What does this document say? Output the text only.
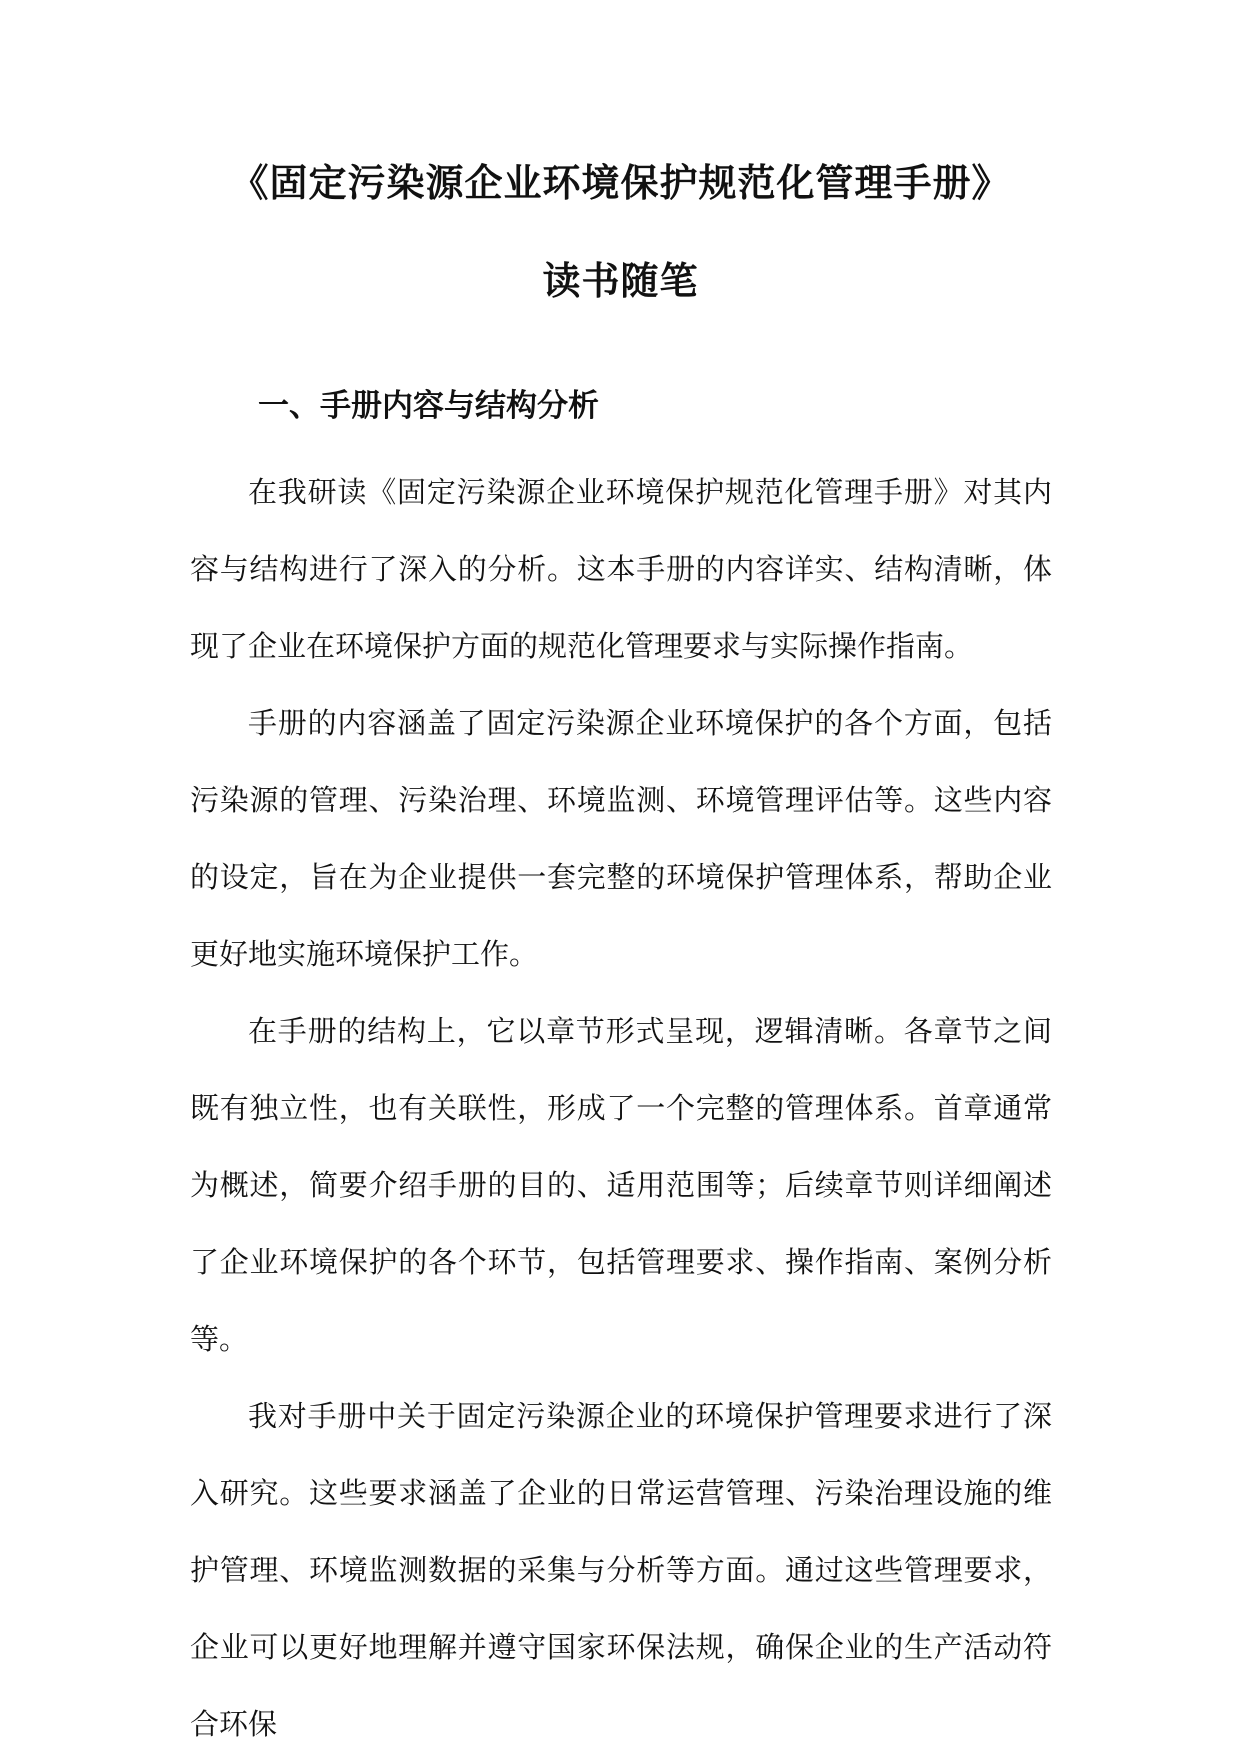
《固定污染源企业环境保护规范化管理手册》
读书随笔
一、手册内容与结构分析

在我研读《固定污染源企业环境保护规范化管理手册》对其内容与结构进行了深入的分析。这本手册的内容详实、结构清晰，体现了企业在环境保护方面的规范化管理要求与实际操作指南。

手册的内容涵盖了固定污染源企业环境保护的各个方面，包括污染源的管理、污染治理、环境监测、环境管理评估等。这些内容的设定，旨在为企业提供一套完整的环境保护管理体系，帮助企业更好地实施环境保护工作。

在手册的结构上，它以章节形式呈现，逻辑清晰。各章节之间既有独立性，也有关联性，形成了一个完整的管理体系。首章通常为概述，简要介绍手册的目的、适用范围等；后续章节则详细阐述了企业环境保护的各个环节，包括管理要求、操作指南、案例分析等。

我对手册中关于固定污染源企业的环境保护管理要求进行了深入研究。这些要求涵盖了企业的日常运营管理、污染治理设施的维护管理、环境监测数据的采集与分析等方面。通过这些管理要求，企业可以更好地理解并遵守国家环保法规，确保企业的生产活动符合环保
